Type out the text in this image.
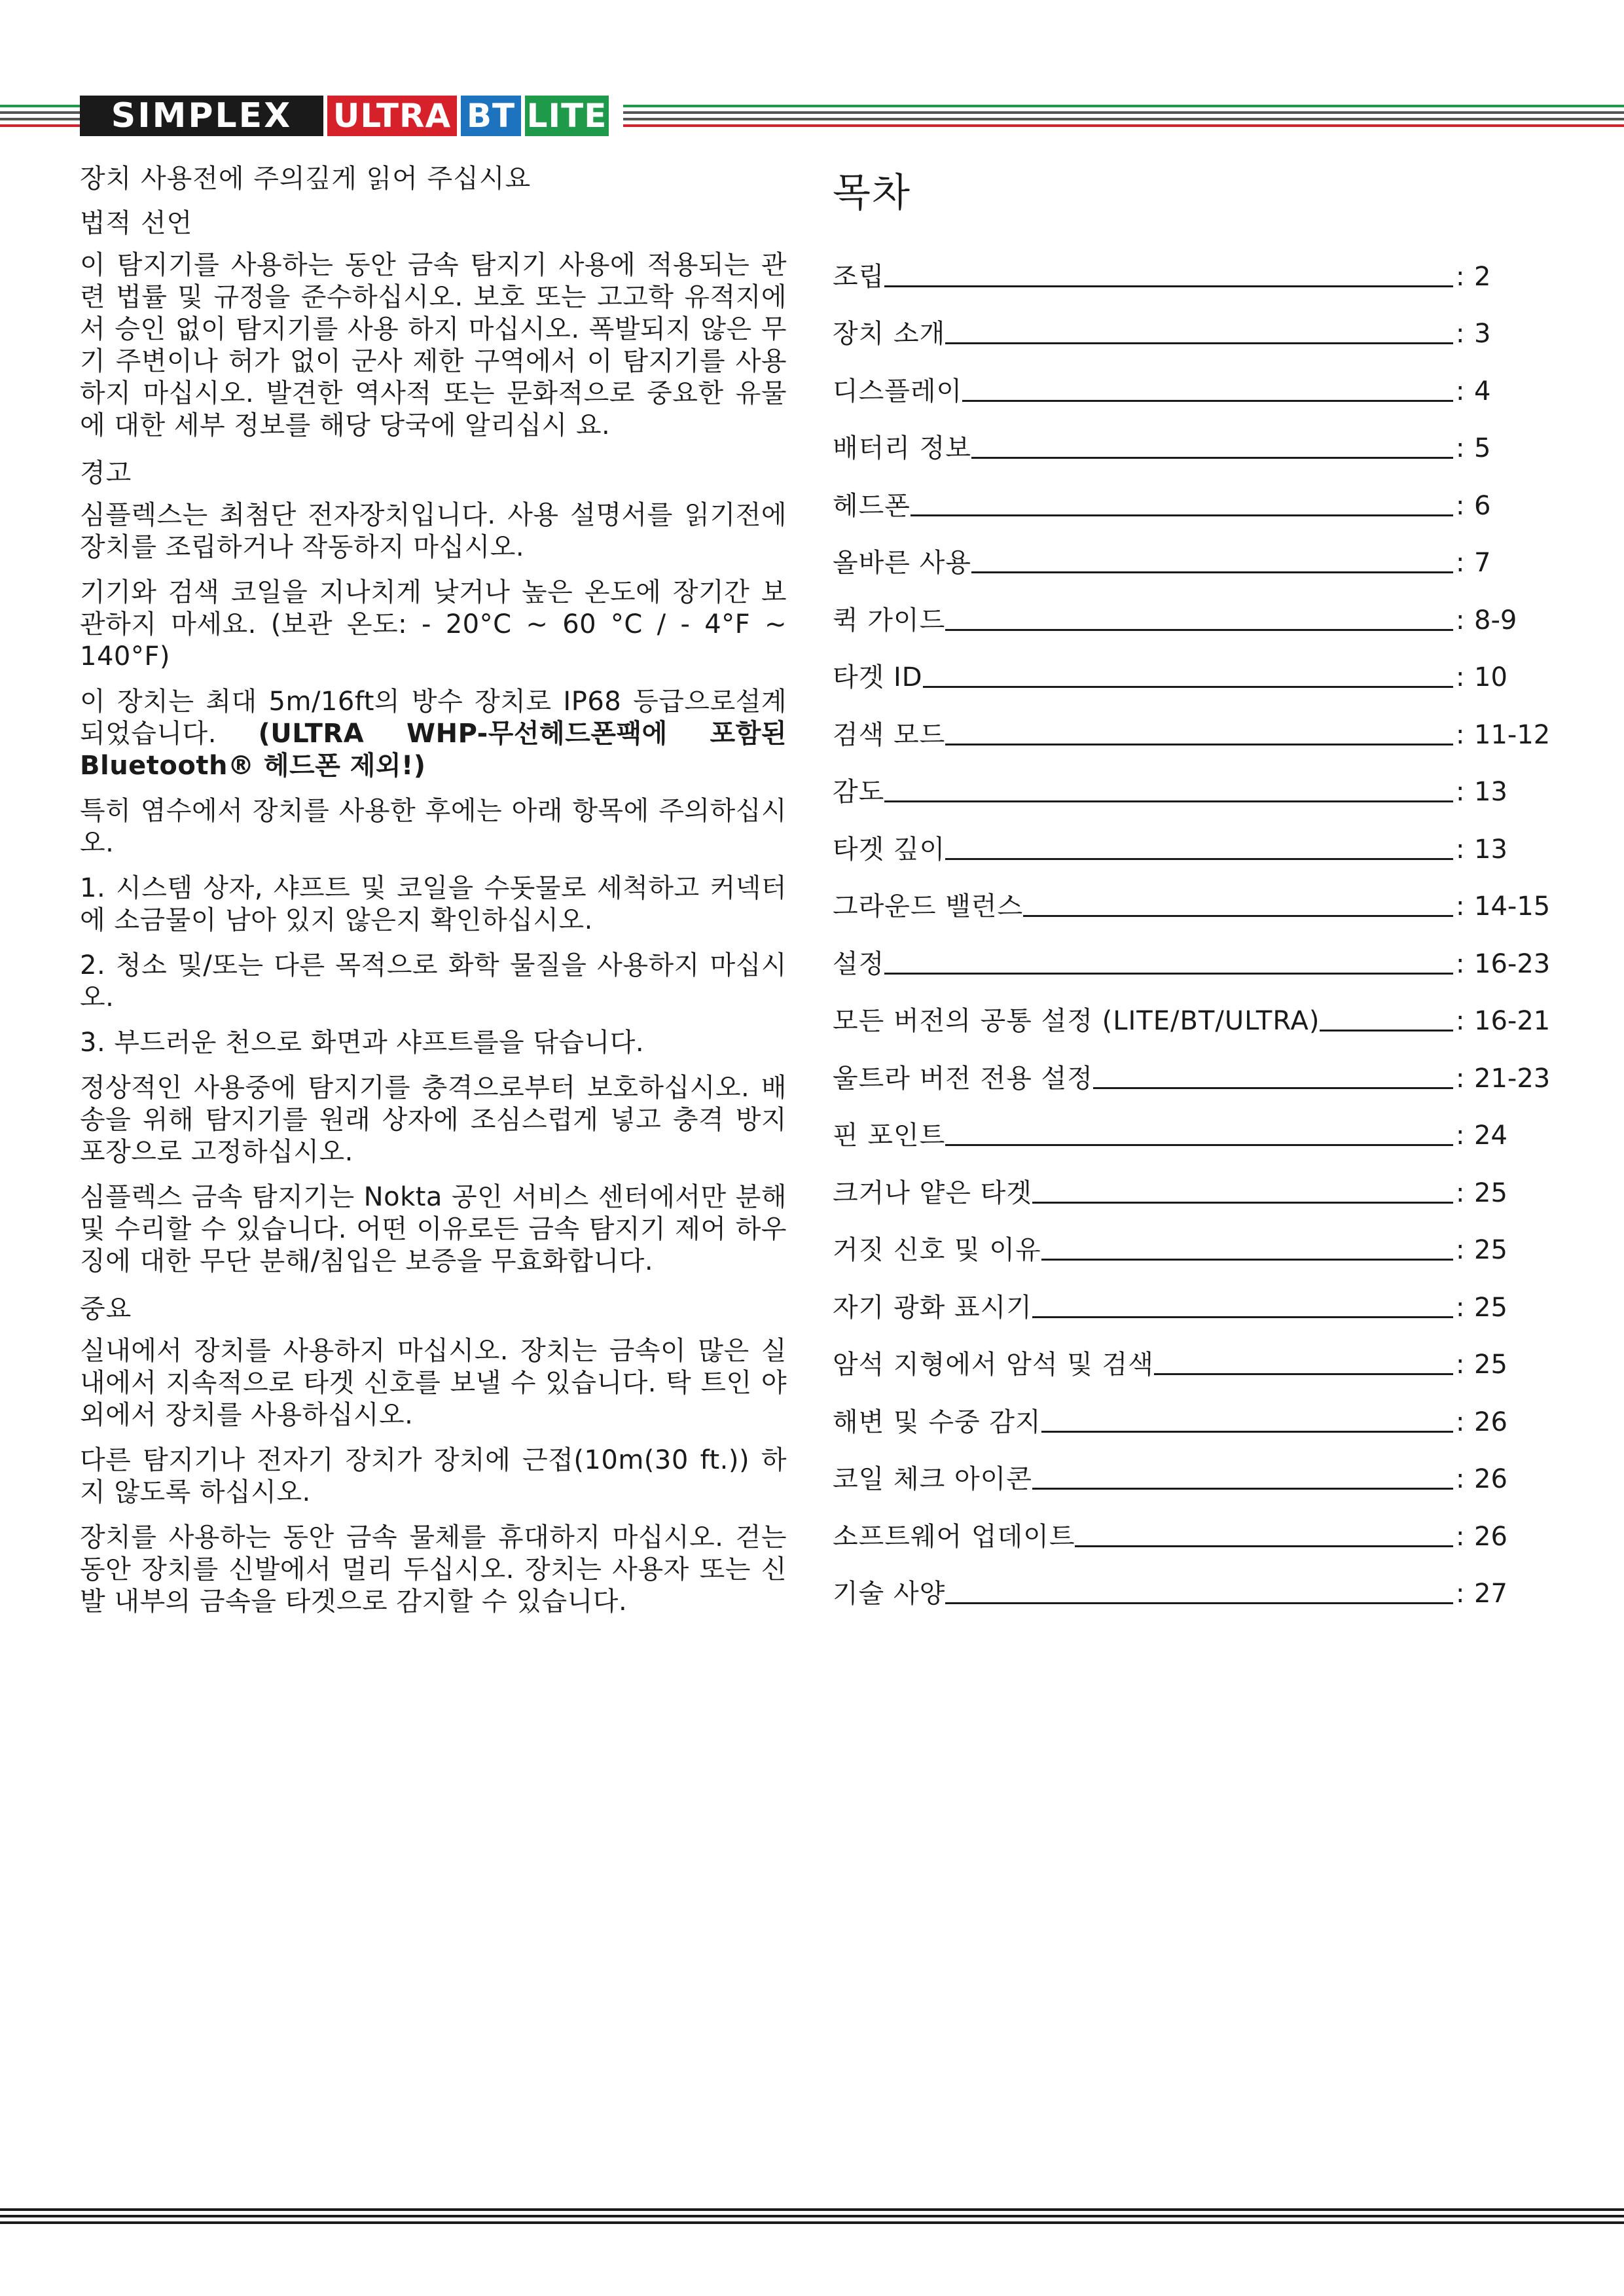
SIMPLEX	ULTRA BT LITE
장치 사용전에 주의깊게 읽어 주십시요
법적 선언

이 탐지기를 사용하는 동안 금속 탐지기 사용에 적용되는 관련 법률 및 규정을 준수하십시오. 보호 또는 고고학 유적지에서 승인 없이 탐지기를 사용 하지 마십시오. 폭발되지 않은 무기 주변이나 허가 없이 군사 제한 구역에서 이 탐지기를 사용하지 마십시오. 발견한 역사적 또는 문화적으로 중요한 유물에 대한 세부 정보를 해당 당국에 알리십시 요.

경고

심플렉스는 최첨단 전자장치입니다. 사용 설명서를 읽기전에 장치를 조립하거나 작동하지 마십시오.

기기와 검색 코일을 지나치게 낮거나 높은 온도에 장기간 보관하지 마세요. (보관 온도: - 20°C ~ 60 °C / - 4°F ~ 140°F)

이 장치는 최대 5m/16ft의 방수 장치로 IP68 등급으로설계되었습니다. (ULTRA WHP-무선헤드폰팩에 포함된 Bluetooth® 헤드폰 제외!)

특히 염수에서 장치를 사용한 후에는 아래 항목에 주의하십시오.

1. 시스템 상자, 샤프트 및 코일을 수돗물로 세척하고 커넥터에 소금물이 남아 있지 않은지 확인하십시오.

2. 청소 및/또는 다른 목적으로 화학 물질을 사용하지 마십시오.

3. 부드러운 천으로 화면과 샤프트를을 닦습니다.

정상적인 사용중에 탐지기를 충격으로부터 보호하십시오. 배송을 위해 탐지기를 원래 상자에 조심스럽게 넣고 충격 방지 포장으로 고정하십시오.

심플렉스 금속 탐지기는 Nokta 공인 서비스 센터에서만 분해 및 수리할 수 있습니다. 어떤 이유로든 금속 탐지기 제어 하우징에 대한 무단 분해/침입은 보증을 무효화합니다.

중요

실내에서 장치를 사용하지 마십시오. 장치는 금속이 많은 실내에서 지속적으로 타겟 신호를 보낼 수 있습니다. 탁 트인 야외에서 장치를 사용하십시오.

다른 탐지기나 전자기 장치가 장치에 근접(10m(30 ft.)) 하지 않도록 하십시오.

장치를 사용하는 동안 금속 물체를 휴대하지 마십시오. 걷는 동안 장치를 신발에서 멀리 두십시오. 장치는 사용자 또는 신발 내부의 금속을 타겟으로 감지할 수 있습니다.

목차
조립	: 2
장치 소개	: 3
디스플레이	: 4
배터리 정보	: 5
헤드폰	: 6
올바른 사용	: 7
퀵 가이드	: 8-9
타겟 ID	: 10
검색 모드	: 11-12
감도	: 13
타겟 깊이	: 13
그라운드 밸런스	: 14-15
설정	: 16-23
모든 버전의 공통 설정 (LITE/BT/ULTRA)	: 16-21
울트라 버전 전용 설정	: 21-23
핀 포인트	: 24
크거나 얕은 타겟	: 25
거짓 신호 및 이유	: 25
자기 광화 표시기	: 25
암석 지형에서 암석 및 검색	: 25
해변 및 수중 감지	: 26
코일 체크 아이콘	: 26
소프트웨어 업데이트	: 26
기술 사양	: 27
